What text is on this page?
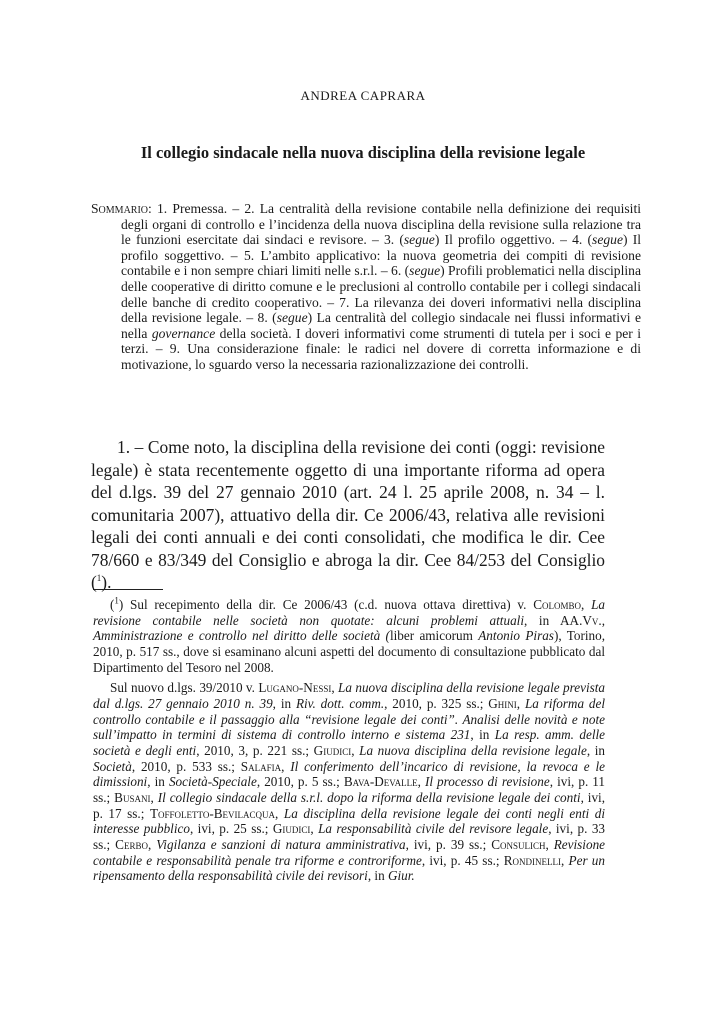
ANDREA CAPRARA
Il collegio sindacale nella nuova disciplina della revisione legale
Sommario: 1. Premessa. – 2. La centralità della revisione contabile nella definizione dei requisiti degli organi di controllo e l’incidenza della nuova disciplina della revisione sulla relazione tra le funzioni esercitate dai sindaci e revisore. – 3. (segue) Il profilo oggettivo. – 4. (segue) Il profilo soggettivo. – 5. L’ambito applicativo: la nuova geometria dei compiti di revisione contabile e i non sempre chiari limiti nelle s.r.l. – 6. (segue) Profili problematici nella disciplina delle cooperative di diritto comune e le preclusioni al controllo contabile per i collegi sindacali delle banche di credito cooperativo. – 7. La rilevanza dei doveri informativi nella disciplina della revisione legale. – 8. (segue) La centralità del collegio sindacale nei flussi informativi e nella governance della società. I doveri informativi come strumenti di tutela per i soci e per i terzi. – 9. Una considerazione finale: le radici nel dovere di corretta informazione e di motivazione, lo sguardo verso la necessaria razionalizzazione dei controlli.
1. – Come noto, la disciplina della revisione dei conti (oggi: revisione legale) è stata recentemente oggetto di una importante riforma ad opera del d.lgs. 39 del 27 gennaio 2010 (art. 24 l. 25 aprile 2008, n. 34 – l. comunitaria 2007), attuativo della dir. Ce 2006/43, relativa alle revisioni legali dei conti annuali e dei conti consolidati, che modifica le dir. Cee 78/660 e 83/349 del Consiglio e abroga la dir. Cee 84/253 del Consiglio ($^1$).

($^1$) Sul recepimento della dir. Ce 2006/43 (c.d. nuova ottava direttiva) v. Colombo, La revisione contabile nelle società non quotate: alcuni problemi attuali, in AA.Vv., Amministrazione e controllo nel diritto delle società (liber amicorum Antonio Piras), Torino, 2010, p. 517 ss., dove si esaminano alcuni aspetti del documento di consultazione pubblicato dal Dipartimento del Tesoro nel 2008.

Sul nuovo d.lgs. 39/2010 v. Lugano-Nessi, La nuova disciplina della revisione legale prevista dal d.lgs. 27 gennaio 2010 n. 39, in Riv. dott. comm., 2010, p. 325 ss.; Ghini, La riforma del controllo contabile e il passaggio alla “revisione legale dei conti”. Analisi delle novità e note sull’impatto in termini di sistema di controllo interno e sistema 231, in La resp. amm. delle società e degli enti, 2010, 3, p. 221 ss.; Giudici, La nuova disciplina della revisione legale, in Società, 2010, p. 533 ss.; Salafia, Il conferimento dell’incarico di revisione, la revoca e le dimissioni, in Società-Speciale, 2010, p. 5 ss.; Bava-Devalle, Il processo di revisione, ivi, p. 11 ss.; Busani, Il collegio sindacale della s.r.l. dopo la riforma della revisione legale dei conti, ivi, p. 17 ss.; Toffoletto-Bevilacqua, La disciplina della revisione legale dei conti negli enti di interesse pubblico, ivi, p. 25 ss.; Giudici, La responsabilità civile del revisore legale, ivi, p. 33 ss.; Cerbo, Vigilanza e sanzioni di natura amministrativa, ivi, p. 39 ss.; Consulich, Revisione contabile e responsabilità penale tra riforme e controriforme, ivi, p. 45 ss.; Rondinelli, Per un ripensamento della responsabilità civile dei revisori, in Giur.
